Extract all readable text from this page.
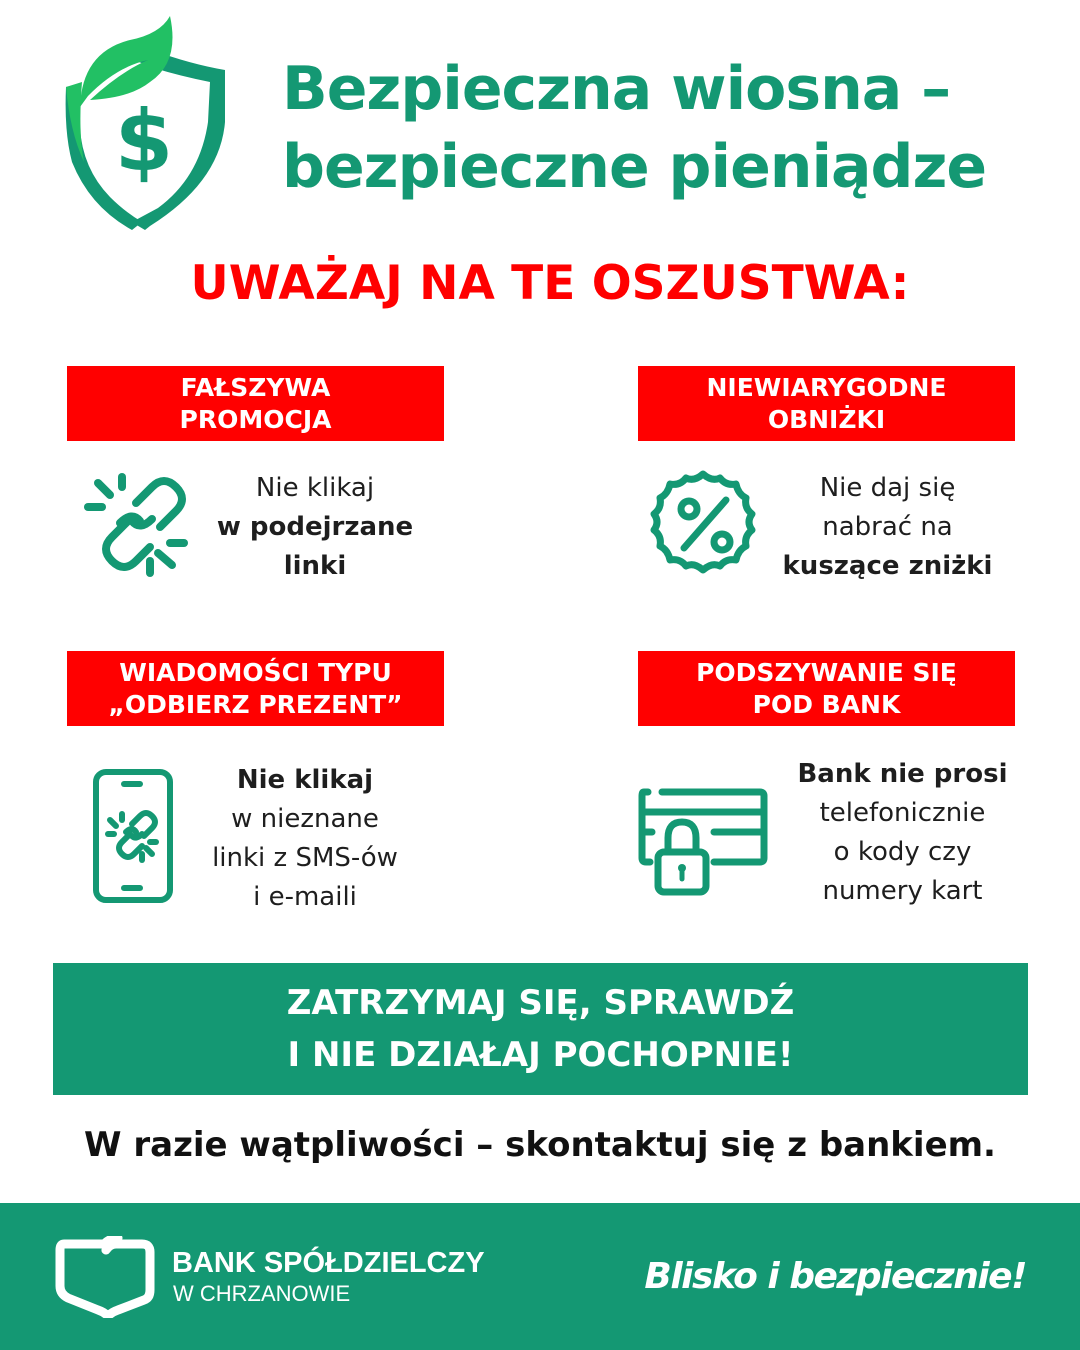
$
Bezpieczna wiosna –
bezpieczne pieniądze
UWAŻAJ NA TE OSZUSTWA:
FAŁSZYWA
PROMOCJA
Nie klikaj
w podejrzane
linki
NIEWIARYGODNE
OBNIŻKI
Nie daj się
nabrać na
kuszące zniżki
WIADOMOŚCI TYPU
„ODBIERZ PREZENT”
Nie klikaj
w nieznane
linki z SMS-ów
i e-maili
PODSZYWANIE SIĘ
POD BANK
Bank nie prosi
telefonicznie
o kody czy
numery kart
ZATRZYMAJ SIĘ, SPRAWDŹ
I NIE DZIAŁAJ POCHOPNIE!
W razie wątpliwości – skontaktuj się z bankiem.
BANK SPÓŁDZIELCZY
W CHRZANOWIE	Blisko i bezpiecznie!
